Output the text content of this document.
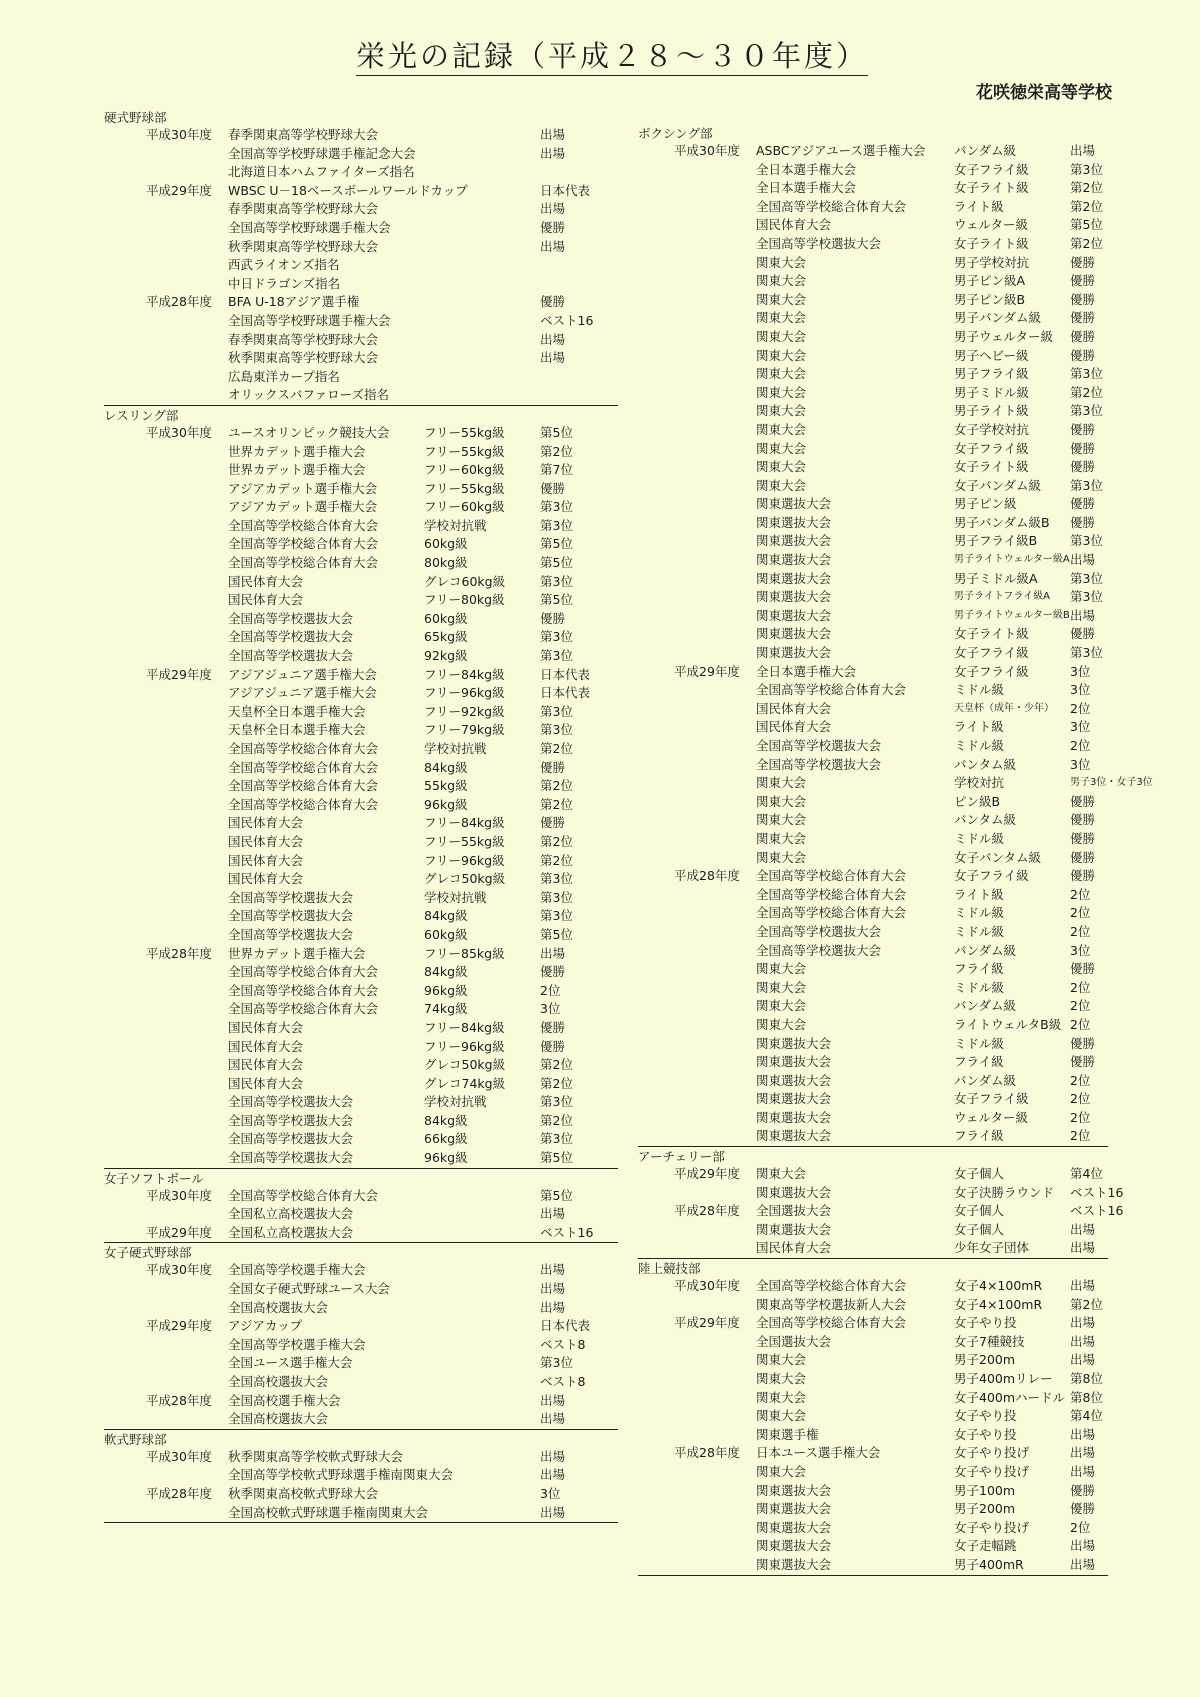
栄光の記録（平成２８～３０年度）
花咲徳栄高等学校
硬式野球部
平成30年度	春季関東高等学校野球大会	出場
全国高等学校野球選手権記念大会	出場
北海道日本ハムファイターズ指名
平成29年度	WBSC U－18ベースボールワールドカップ	日本代表
春季関東高等学校野球大会	出場
全国高等学校野球選手権大会	優勝
秋季関東高等学校野球大会	出場
西武ライオンズ指名
中日ドラゴンズ指名
平成28年度	BFA U-18アジア選手権	優勝
全国高等学校野球選手権大会	ベスト16
春季関東高等学校野球大会	出場
秋季関東高等学校野球大会	出場
広島東洋カープ指名
オリックスバファローズ指名
レスリング部
平成30年度	ユースオリンピック競技大会	フリー55kg級	第5位
世界カデット選手権大会	フリー55kg級	第2位
世界カデット選手権大会	フリー60kg級	第7位
アジアカデット選手権大会	フリー55kg級	優勝
アジアカデット選手権大会	フリー60kg級	第3位
全国高等学校総合体育大会	学校対抗戦	第3位
全国高等学校総合体育大会	60kg級	第5位
全国高等学校総合体育大会	80kg級	第5位
国民体育大会	グレコ60kg級	第3位
国民体育大会	フリー80kg級	第5位
全国高等学校選抜大会	60kg級	優勝
全国高等学校選抜大会	65kg級	第3位
全国高等学校選抜大会	92kg級	第3位
平成29年度	アジアジュニア選手権大会	フリー84kg級	日本代表
アジアジュニア選手権大会	フリー96kg級	日本代表
天皇杯全日本選手権大会	フリー92kg級	第3位
天皇杯全日本選手権大会	フリー79kg級	第3位
全国高等学校総合体育大会	学校対抗戦	第2位
全国高等学校総合体育大会	84kg級	優勝
全国高等学校総合体育大会	55kg級	第2位
全国高等学校総合体育大会	96kg級	第2位
国民体育大会	フリー84kg級	優勝
国民体育大会	フリー55kg級	第2位
国民体育大会	フリー96kg級	第2位
国民体育大会	グレコ50kg級	第3位
全国高等学校選抜大会	学校対抗戦	第3位
全国高等学校選抜大会	84kg級	第3位
全国高等学校選抜大会	60kg級	第5位
平成28年度	世界カデット選手権大会	フリー85kg級	出場
全国高等学校総合体育大会	84kg級	優勝
全国高等学校総合体育大会	96kg級	2位
全国高等学校総合体育大会	74kg級	3位
国民体育大会	フリー84kg級	優勝
国民体育大会	フリー96kg級	優勝
国民体育大会	グレコ50kg級	第2位
国民体育大会	グレコ74kg級	第2位
全国高等学校選抜大会	学校対抗戦	第3位
全国高等学校選抜大会	84kg級	第2位
全国高等学校選抜大会	66kg級	第3位
全国高等学校選抜大会	96kg級	第5位
女子ソフトボール
平成30年度	全国高等学校総合体育大会	第5位
全国私立高校選抜大会	出場
平成29年度	全国私立高校選抜大会	ベスト16
女子硬式野球部
平成30年度	全国高等学校選手権大会	出場
全国女子硬式野球ユース大会	出場
全国高校選抜大会	出場
平成29年度	アジアカップ	日本代表
全国高等学校選手権大会	ベスト8
全国ユース選手権大会	第3位
全国高校選抜大会	ベスト8
平成28年度	全国高校選手権大会	出場
全国高校選抜大会	出場
軟式野球部
平成30年度	秋季関東高等学校軟式野球大会	出場
全国高等学校軟式野球選手権南関東大会	出場
平成28年度	秋季関東高校軟式野球大会	3位
全国高校軟式野球選手権南関東大会	出場
ボクシング部
平成30年度	ASBCアジアユース選手権大会 バンダム級	出場
全日本選手権大会	女子フライ級	第3位
全日本選手権大会	女子ライト級	第2位
全国高等学校総合体育大会	ライト級	第2位
国民体育大会	ウェルター級	第5位
全国高等学校選抜大会	女子ライト級	第2位
関東大会	男子学校対抗	優勝
関東大会	男子ピン級A	優勝
関東大会	男子ピン級B	優勝
関東大会	男子バンダム級 優勝
関東大会	男子ウェルター級 優勝
関東大会	男子ヘビー級	優勝
関東大会	男子フライ級	第3位
関東大会	男子ミドル級	第2位
関東大会	男子ライト級	第3位
関東大会	女子学校対抗	優勝
関東大会	女子フライ級	優勝
関東大会	女子ライト級	優勝
関東大会	女子バンダム級 第3位
関東選抜大会	男子ピン級	優勝
関東選抜大会	男子バンダム級B 優勝
関東選抜大会	男子フライ級B	第3位
関東選抜大会	男子ライトウェルター級A 出場
関東選抜大会	男子ミドル級A	第3位
関東選抜大会	男子ライトフライ級A 第3位
関東選抜大会	男子ライトウェルター級B 出場
関東選抜大会	女子ライト級	優勝
関東選抜大会	女子フライ級	第3位
平成29年度	全日本選手権大会	女子フライ級	3位
全国高等学校総合体育大会	ミドル級	3位
国民体育大会	天皇杯（成年・少年） 2位
国民体育大会	ライト級	3位
全国高等学校選抜大会	ミドル級	2位
全国高等学校選抜大会	バンタム級	3位
関東大会	学校対抗	男子3位・女子3位
関東大会	ピン級B	優勝
関東大会	バンタム級	優勝
関東大会	ミドル級	優勝
関東大会	女子バンタム級 優勝
平成28年度	全国高等学校総合体育大会	女子フライ級	優勝
全国高等学校総合体育大会	ライト級	2位
全国高等学校総合体育大会	ミドル級	2位
全国高等学校選抜大会	ミドル級	2位
全国高等学校選抜大会	バンダム級	3位
関東大会	フライ級	優勝
関東大会	ミドル級	2位
関東大会	バンダム級	2位
関東大会	ライトウェルタB級 2位
関東選抜大会	ミドル級	優勝
関東選抜大会	フライ級	優勝
関東選抜大会	バンダム級	2位
関東選抜大会	女子フライ級	2位
関東選抜大会	ウェルター級	2位
関東選抜大会	フライ級	2位
アーチェリー部
平成29年度	関東大会	女子個人	第4位
関東選抜大会	女子決勝ラウンド ベスト16
平成28年度	全国選抜大会	女子個人	ベスト16
関東選抜大会	女子個人	出場
国民体育大会	少年女子団体	出場
陸上競技部
平成30年度	全国高等学校総合体育大会	女子4×100mR 出場
関東高等学校選抜新人大会	女子4×100mR 第2位
平成29年度	全国高等学校総合体育大会	女子やり投	出場
全国選抜大会	女子7種競技	出場
関東大会	男子200m	出場
関東大会	男子400mリレー 第8位
関東大会	女子400mハードル 第8位
関東大会	女子やり投	第4位
関東選手権	女子やり投	出場
平成28年度	日本ユース選手権大会	女子やり投げ	出場
関東大会	女子やり投げ	出場
関東選抜大会	男子100m	優勝
関東選抜大会	男子200m	優勝
関東選抜大会	女子やり投げ	2位
関東選抜大会	女子走幅跳	出場
関東選抜大会	男子400mR	出場
